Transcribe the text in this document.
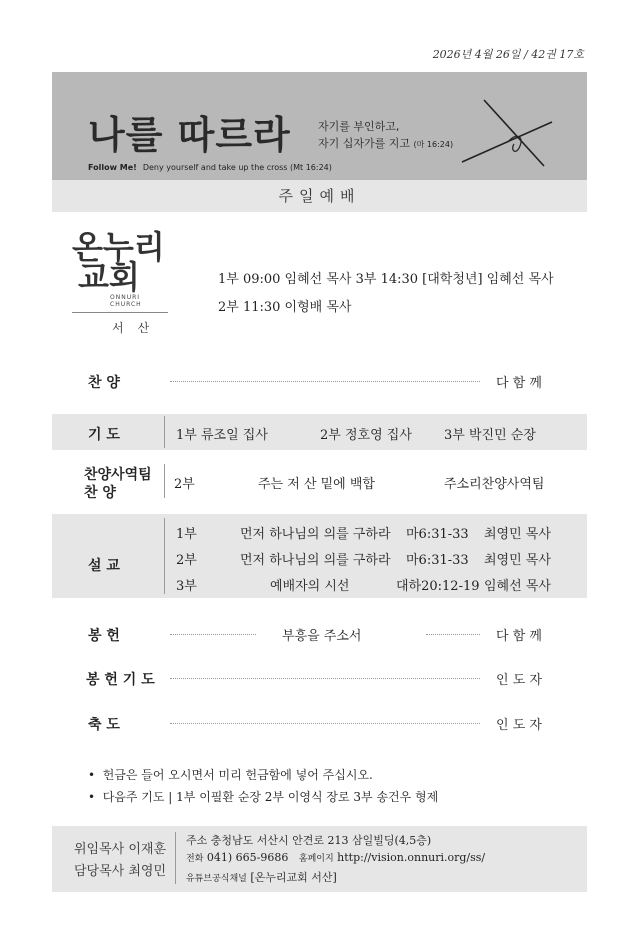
2026년 4월 26일 / 42권 17호
나를 따르라 자기를 부인하고,
자기 십자가를 지고 (마 16:24)
Follow Me! Deny yourself and take up the cross (Mt 16:24)
주일예배
온누리
교회
ONNURI CHURCH
서산
1부 09:00 임혜선 목사 3부 14:30 [대학청년] 임혜선 목사
2부 11:30 이형배 목사
찬 양	다 함 께
기 도	1부 류조일 집사	2부 정호영 집사 3부 박진민 순장
찬양사역팀
찬 양
2부	주는 저 산 밑에 백합	주소리찬양사역팀
설 교
1부	먼저 하나님의 의를 구하라 마6:31-33 최영민 목사
2부	먼저 하나님의 의를 구하라 마6:31-33 최영민 목사
3부	예배자의 시선	대하20:12-19 임혜선 목사
봉 헌	부흥을 주소서	다 함 께
봉 헌 기 도	인 도 자
축 도	인 도 자
•  헌금은 들어 오시면서 미리 헌금함에 넣어 주십시오.
•  다음주 기도 | 1부 이필환 순장 2부 이영식 장로 3부 송건우 형제
위임목사 이재훈
담당목사 최영민
주소 충청남도 서산시 안견로 213 삼일빌딩(4,5층)
전화 041) 665-9686 홈페이지 http://vision.onnuri.org/ss/
유튜브공식채널 [온누리교회 서산]
